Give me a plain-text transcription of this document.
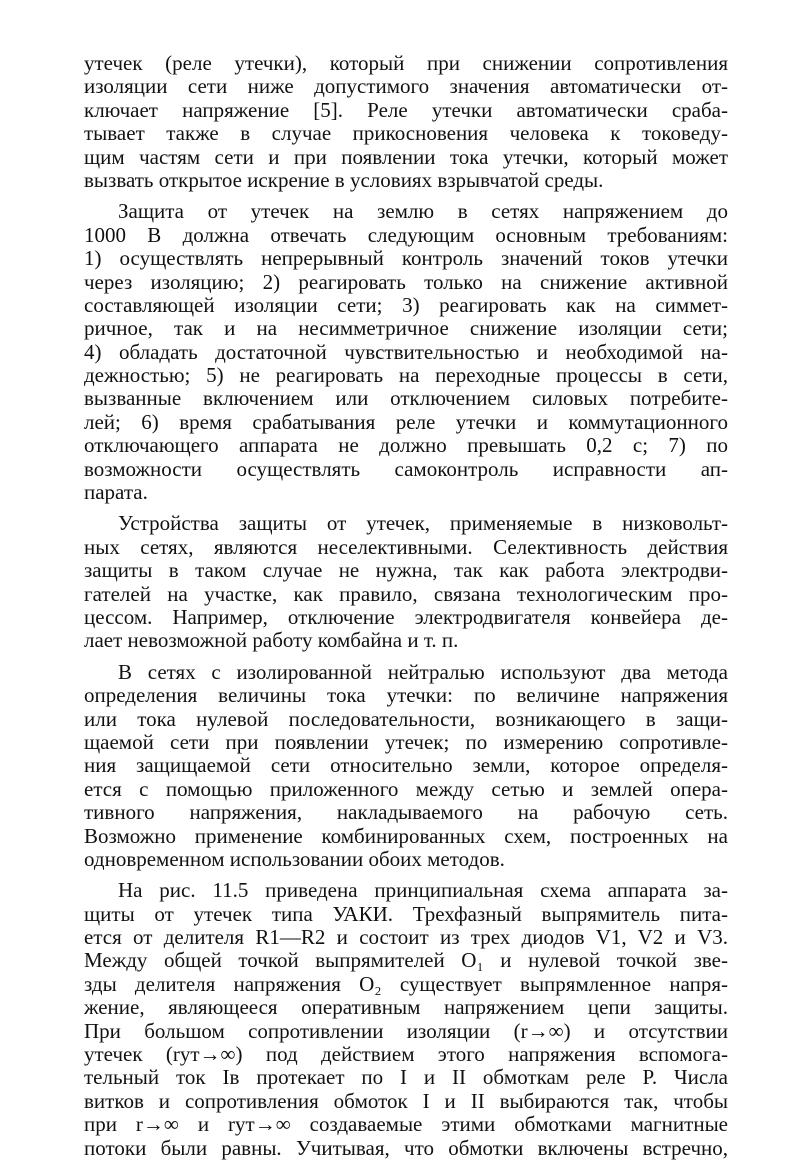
утечек (реле утечки), который при снижении сопротивления
изоляции сети ниже допустимого значения автоматически от-
ключает напряжение [5]. Реле утечки автоматически сраба-
тывает также в случае прикосновения человека к токоведу-
щим частям сети и при появлении тока утечки, который может
вызвать открытое искрение в условиях взрывчатой среды.
Защита от утечек на землю в сетях напряжением до
1000 В должна отвечать следующим основным требованиям:
1) осуществлять непрерывный контроль значений токов утечки
через изоляцию; 2) реагировать только на снижение активной
составляющей изоляции сети; 3) реагировать как на симмет-
ричное, так и на несимметричное снижение изоляции сети;
4) обладать достаточной чувствительностью и необходимой на-
дежностью; 5) не реагировать на переходные процессы в сети,
вызванные включением или отключением силовых потребите-
лей; 6) время срабатывания реле утечки и коммутационного
отключающего аппарата не должно превышать 0,2 с; 7) по
возможности осуществлять самоконтроль исправности ап-
парата.
Устройства защиты от утечек, применяемые в низковольт-
ных сетях, являются неселективными. Селективность действия
защиты в таком случае не нужна, так как работа электродви-
гателей на участке, как правило, связана технологическим про-
цессом. Например, отключение электродвигателя конвейера де-
лает невозможной работу комбайна и т. п.
В сетях с изолированной нейтралью используют два метода
определения величины тока утечки: по величине напряжения
или тока нулевой последовательности, возникающего в защи-
щаемой сети при появлении утечек; по измерению сопротивле-
ния защищаемой сети относительно земли, которое определя-
ется с помощью приложенного между сетью и землей опера-
тивного напряжения, накладываемого на рабочую сеть.
Возможно применение комбинированных схем, построенных на
одновременном использовании обоих методов.
На рис. 11.5 приведена принципиальная схема аппарата за-
щиты от утечек типа УАКИ. Трехфазный выпрямитель пита-
ется от делителя R1—R2 и состоит из трех диодов V1, V2 и V3.
Между общей точкой выпрямителей O₁ и нулевой точкой зве-
зды делителя напряжения O₂ существует выпрямленное напря-
жение, являющееся оперативным напряжением цепи защиты.
При большом сопротивлении изоляции (r→∞) и отсутствии
утечек (rут→∞) под действием этого напряжения вспомога-
тельный ток Iв протекает по I и II обмоткам реле P. Числа
витков и сопротивления обмоток I и II выбираются так, чтобы
при r→∞ и rут→∞ создаваемые этими обмотками магнитные
потоки были равны. Учитывая, что обмотки включены встречно,
